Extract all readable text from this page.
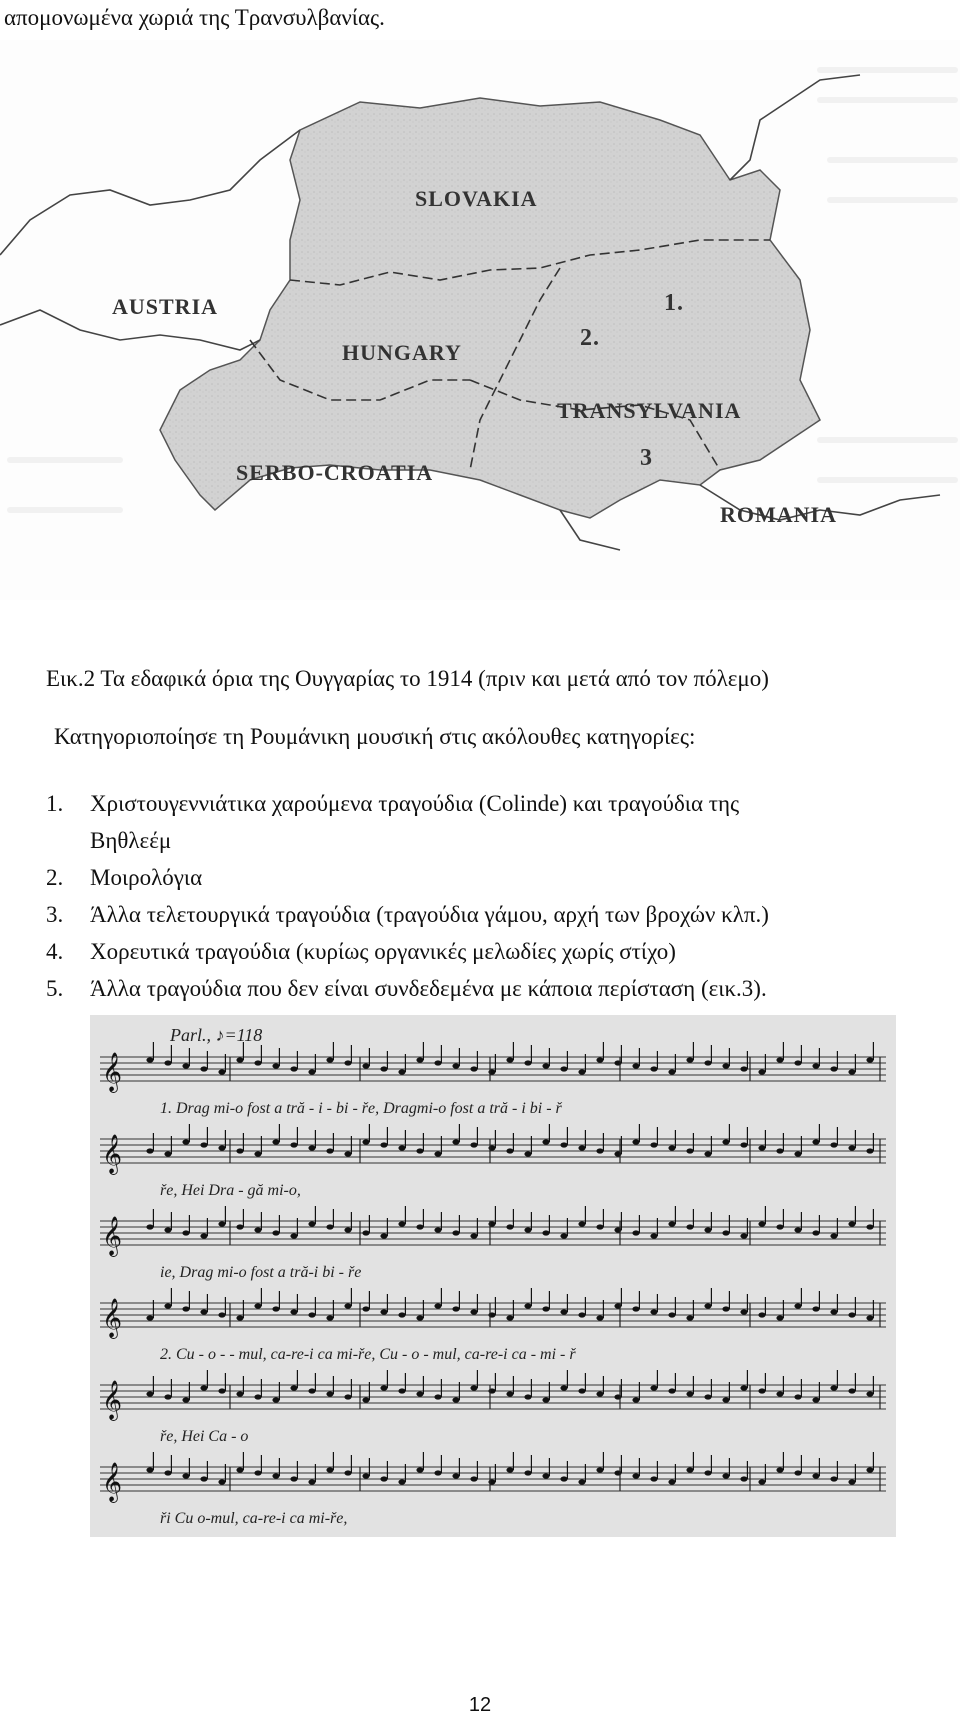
απομονωμένα χωριά της Τρανσυλβανίας.
SLOVAKIA
AUSTRIA
HUNGARY
TRANSYLVANIA
SERBO-CROATIA
ROMANIA
1.
2.
3
Εικ.2 Τα εδαφικά όρια της Ουγγαρίας το 1914 (πριν και μετά από τον πόλεμο)
Κατηγοριοποίησε τη Ρουμάνικη μουσική στις ακόλουθες κατηγορίες:
1. Χριστουγεννιάτικα χαρούμενα τραγούδια (Colinde) και τραγούδια της
Βηθλεέμ
2. Μοιρολόγια
3. Άλλα τελετουργικά τραγούδια (τραγούδια γάμου, αρχή των βροχών κλπ.)
4. Χορευτικά τραγούδια (κυρίως οργανικές μελωδίες χωρίς στίχο)
5. Άλλα τραγούδια που δεν είναι συνδεδεμένα με κάποια περίσταση (εικ.3).
Parl., ♪=118
𝄞
𝄞
𝄞
𝄞
𝄞
𝄞
1. Drag mi-o fost a tră - i - bi - ře, Dragmi-o fost a tră - i bi - ř
ře, Hei Dra - gă mi-o,
ie, Drag mi-o fost a tră-i bi - ře
2. Cu - o - - mul, ca-re-i ca mi-ře, Cu - o - mul, ca-re-i ca - mi - ř
ře, Hei Ca - o
ři Cu o-mul, ca-re-i ca mi-ře,
12
